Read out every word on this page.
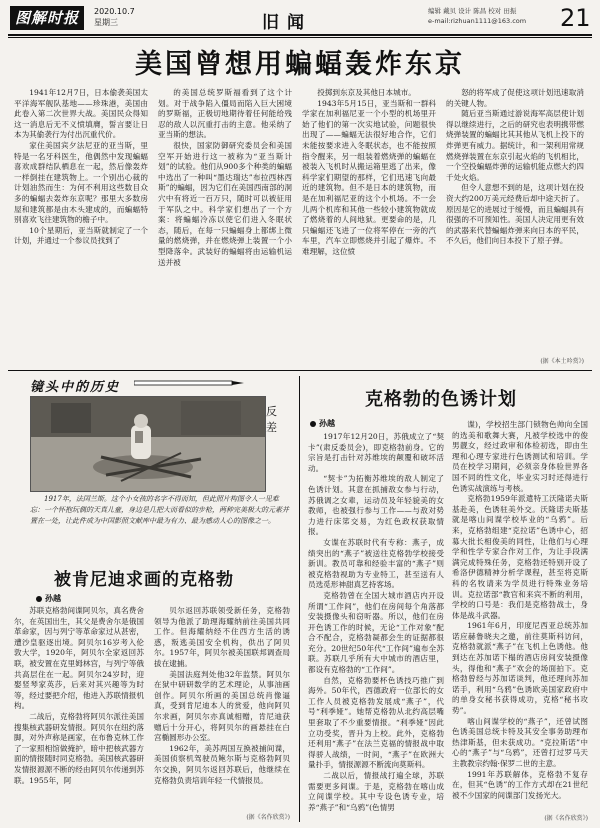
图解时报	2020.10.7
星期三	旧闻
编辑 戴贝 设计 陈昌 校对 田振
e-mail:rizhuan1111@163.com 21
美国曾想用蝙蝠轰炸东京

1941年12月7日，日本偷袭美国太平洋海军舰队基地——珍珠港，美国由此卷入第二次世界大战。美国民众得知这一消息后无不义愤填膺，誓言要让日本为其偷袭行为付出沉重代价。

家住美国宾夕法尼亚的亚当斯，里特是一名牙科医生，他偶然中发现蝙蝠喜欢成群结队栖息在一起，然后像轰炸一样倒挂在建筑物上。一个别出心裁的计划油然而生：为何不利用这些数目众多的蝙蝠去轰炸东京呢？那里大多数房屋和建筑都是由木头建成的，而蝙蝠特别喜欢飞往建筑物的檐子中。

10个星期后，亚当斯就制定了一个计划，并通过一个参议员找到了

的美国总统罗斯福看到了这个计划。对于战争陷入僵局而陷入巨大困境的罗斯福，正极切地期待着任何能给残忍的敌人以沉重打击的主意。他采纳了亚当斯的想法。

很快，国家防御研究委员会和美国空军开始进行这一被称为“亚当斯计划”的试验。他们从900多个种类的蝙蝠中选出了一种叫“墨达瑞达”布拉西林西斯”的蝙蝠，因为它们在美国西南部的洞穴中有将近一百万只，随时可以被征用于军队之中。科学家们想出了一个方案：将蝙蝠冷冻以使它们进入冬眠状态，随后，在每一只蝙蝠身上都绑上微量的燃烧弹，并在燃烧弹上装置一个小型降落伞。武装好的蝙蝠将由运输机运送并被

投掷到东京及其他日本城市。

1943年5月15日，亚当斯和一群科学家在加利福尼亚一个小型的机场里开始了他们的第一次实地试验，问题很快出现了——蝙蝠无法很好地合作，它们未能按要求进入冬眠状态，也不能按照指令醒来，另一组装着燃烧弹的蝙蝠在被装入飞机时从搬运箱里逃了出来，像科学家们期望的那样，它们迅速飞向最近的建筑物。但不是日本的建筑物，而是在加利福尼亚的这个小机场。不一会儿两个机库和其他一些较小建筑物就成了燃烧着的人间地狱。更要命的是，几只蝙蝠还飞进了一位将军停在一旁的汽车里，汽车立即燃烧并引起了爆炸。不难理解，这位愤

怒的将军成了促使这项计划迅速取消的关键人物。

随后亚当斯通过游说海军高层使计划得以继续进行，之后的研究也表明携带燃烧弹装置的蝙蝠比其其他从飞机上投下的炸弹更有威力。据统计，和一架利用常规燃烧弹装置在东京引起火焰的飞机相比，一个空投蝙蝠炸弹的运输机能点燃大约四千处火焰。

但令人意想不到的是，这项计划在投资大约200万美元经费后却中途天折了。原因是它的进展过于缓慢，而且蝙蝠具有很强的不可预知性。美国人决定用更有效的武器来代替蝙蝠炸弹来向日本的平民，不久后，他们向日本投下了原子弹。

(据《本土吟赏》)
镜头中的历史
反
差
1917年，法国兰斯。这个小女孩的名字不得而知，但此照片构图令人一见难忘：一个怀抱玩偶的天真儿童，身边是几把大而看似的步枪，两种完美极大的元素并置在一处，让此件成为中国影照文献库中最为有力、最为感动人心的图像之一。
被肯尼迪求画的克格勃
孙越

苏联克格勃间谍阿贝尔，真名费舍尔，在英国出生，其父是费舍尔是俄国革命家，因与列宁等革命家过从甚密，遭沙皇驱逐出境。阿贝尔16岁考入伦敦大学，1920年，阿贝尔全家返回苏联，被安置在克里姆林宫，与列宁等俄共高层住在一起。阿贝尔24岁时，迎娶竖琴家英莎，后来对其兴趣等为时等，经过要把介绍，他进入苏联情报机构。

二战后，克格勃将阿贝尔派往美国搜集核武器研发情报。阿贝尔在纽约落脚，对外声称是画家，在布鲁克林工作了一家照相馆做掩护，暗中把核武器方面的情报随时同克格勃。美国核武器研发情报源源不断的经由阿贝尔传递到苏联。1955年，阿

贝尔返回苏联领受新任务，克格勃领导为他派了助理海耀纳前往美国共同工作。但海耀纳经不住西方生活的诱惑，叛逃美国安全机构，供出了阿贝尔。1957年，阿贝尔被美国联邦调查局拔在逮捕。

美国法庭判处他32年监禁。阿贝尔在狱中研研数学的艺术理论，从事油画创作。阿贝尔所画的美国总统肖像逼真，受到肯尼迪本人的赏爱，他向阿贝尔求画，阿贝尔亦真诚相赠，肯尼迪获赠后十分开心，将阿贝尔的画悬挂在白宫椭圆形办公室。

1962年，美苏两国互换被捕间谍，美国侦察机驾驶员鲍尔斯与克格勃阿贝尔交换，阿贝尔返回苏联后，他继续在克格勃负责培训年轻一代情报员。

(据《名作欣赏》)
克格勃的色诱计划
孙越

1917年12月20日，苏俄成立了“契卡”(肃反委员会)，即克格勃前身。它的宗旨是打击针对苏维埃的颠覆和破坏活动。

“契卡”为拓衡苏维埃的敌人制定了色诱计划。其意在抓捕敌女参与行动，苏俄调之女辈，运动员及年轻貌美的女教师，也被强行参与工作——与敌对势力进行床笫交易，为红色政权获取情报。

女谍在苏联时代有专称：燕子，成绩突出的“燕子”被送往克格勃学校接受新训。教员可靠和经验丰富的“燕子”则被克格勃视助为专业特工，甚至送有人员选觅形神甜真艺持客场。

克格勃曾在全国大城市酒店内开设所谓“工作间”，他们在房间每个角落都安装摄像头和窃听器。所以，他们在房开色诱工作的时候，无论“工作对象”配合不配合，克格勃凝都会生的证据都很充分。20世纪50年代“工作间”遍布全苏联。苏联几乎所有大中城市的酒店里，都设有克格勃的“工作间”。

自然，克格勃要杯色诱技巧推广到海外。50年代，西德政府一位部长的女工作人员被克格勃发展成“燕子”，代号“利季娅”。她帮克格勃从北约高层嘴里套取了不少重要情报。“利季娅”因此立功受奖，晋升为上校。此外，克格勃还利用“燕子”在法兰克福的情报战中取得骄人战绩，一时间，“燕子”在欧洲大量扑手，情报源源不断流向莫斯科。

二战以后，情报战打遍全球，苏联需要更多间谍。于是，克格勃在喀山成立间谍学校。其中专设色诱专业，培养“燕子”和“乌鸦”(色情男

谍)，学校招生部门锁物色帅向全国的选美和歌舞大赛，凡被学校选中的俊男靓女，经过政审和体检初选，即由生理和心理专家进行色诱测试和培训。学员在校学习期间，必须亲身体验世界各国不同的性文化，毕业实习时还得进行色诱实战演练与考核。

克格勃1959年派遣特工沃隆诺夫斯基赴美，色诱驻美外交。沃隆诺夫斯基就是喀山间谍学校毕业的“乌鸦”。后来，克格勃组建“克拉诺”色诱中心，招募大批长相俊美的同性，让他们与心理学和性学专家合作对工作，为让手段满满完成特殊任务，克格勃还特别开设了希洛伊德精神分析学课程，甚至将克斯科的名牧请来为学员进行特殊业务培训。克拉诺部“教官和来宾不断的利用，学校的口号是：我们是克格勃战士，身体是战斗武器。

1961年6月，印度尼西亚总统苏加诺应赫鲁晓夫之邀，前往莫斯科访问，克格勃就派“燕子”在飞机上色诱他。他到达在苏加诺下榻的酒店房间安装摄像头，得他和“燕子”欢会的场面拍下。克格勃曾经与苏加诺谈判，他还理向苏加诺手，利用“乌鸦”色诱欧美国家政府中的单身女秘书获得成功，克格“秘书攻势”。

喀山间谍学校的“燕子”，还曾试图色诱美国总统卡特及其安全事务助理布热津斯基，但未获成功。“克拉斯诺”中心的“燕子”与“乌鸦”，还曾打过罗马天主教教宗约翰·保罗二世的主意。

1991年苏联解体，克格勃不复存在，但其“色诱”的工作方式却在21世纪被不少国家的间谍部门发扬光大。

(据《名作欣赏》)
